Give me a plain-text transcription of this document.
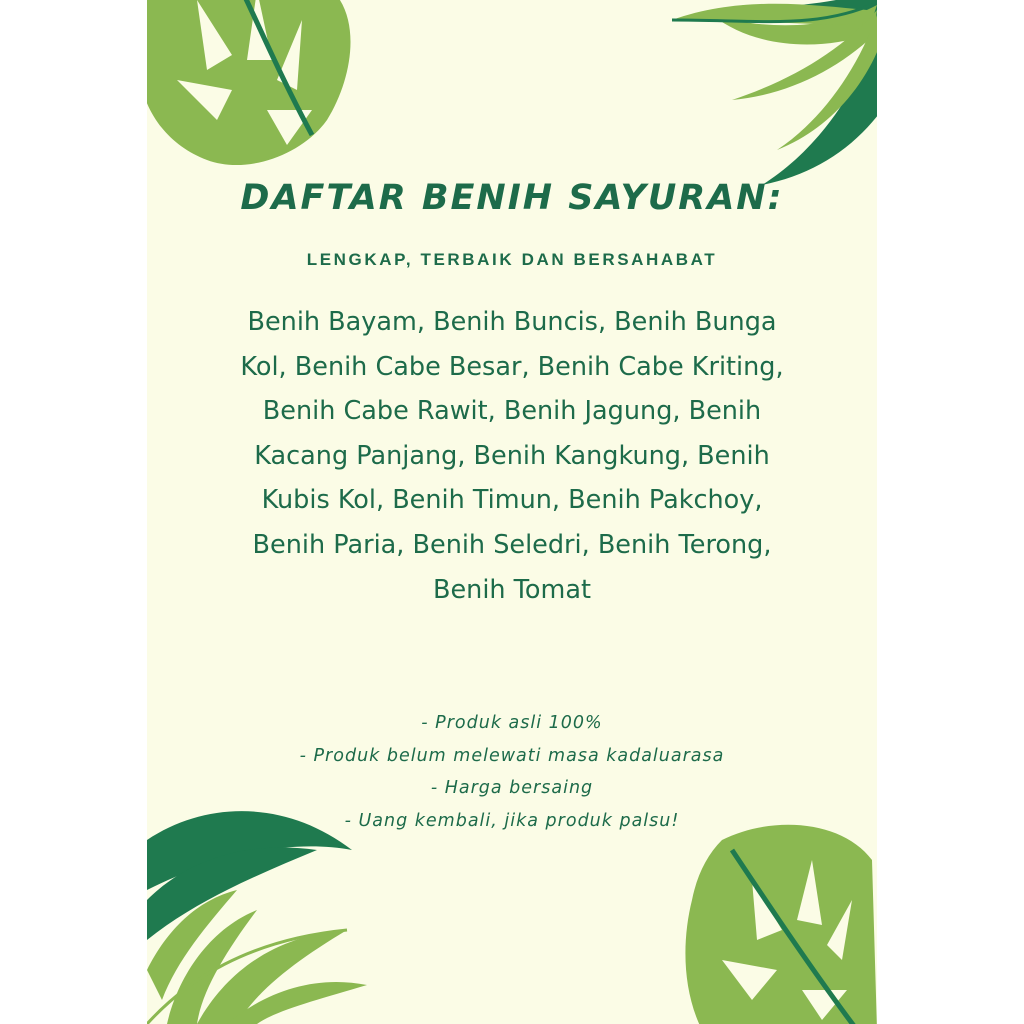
DAFTAR BENIH SAYURAN:
LENGKAP, TERBAIK DAN BERSAHABAT
Benih Bayam, Benih Buncis, Benih Bunga Kol, Benih Cabe Besar, Benih Cabe Kriting, Benih Cabe Rawit, Benih Jagung, Benih Kacang Panjang, Benih Kangkung, Benih Kubis Kol, Benih Timun, Benih Pakchoy, Benih Paria, Benih Seledri, Benih Terong, Benih Tomat
- Produk asli 100%
- Produk belum melewati masa kadaluarasa
- Harga bersaing
- Uang kembali, jika produk palsu!
